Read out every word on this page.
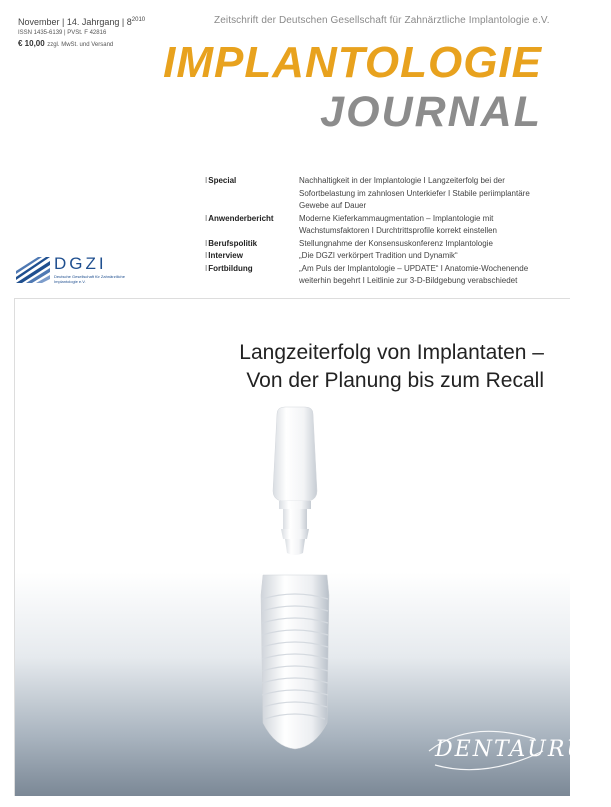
November | 14. Jahrgang | $8^{2010}$
ISSN 1435-6139 | PVSt. F 42816
€ 10,00 zzgl. MwSt. und Versand
Zeitschrift der Deutschen Gesellschaft für Zahnärztliche Implantologie e.V.
IMPLANTOLOGIE
JOURNAL
ISpecial	Nachhaltigkeit in der Implantologie I Langzeiterfolg bei der Sofortbelastung im zahnlosen Unterkiefer I Stabile periimplantäre Gewebe auf Dauer
IAnwenderbericht	Moderne Kieferkammaugmentation – Implantologie mit Wachstumsfaktoren I Durchtrittsprofile korrekt einstellen
IBerufspolitik	Stellungnahme der Konsensuskonferenz Implantologie
IInterview	„Die DGZI verkörpert Tradition und Dynamik“
IFortbildung	„Am Puls der Implantologie – UPDATE“ I Anatomie-Wochenende weiterhin begehrt I Leitlinie zur 3-D-Bildgebung verabschiedet
DGZI
Deutsche Gesellschaft für Zahnärztliche Implantologie e.V.
Langzeiterfolg von Implantaten –
Von der Planung bis zum Recall
DENTAURUM
